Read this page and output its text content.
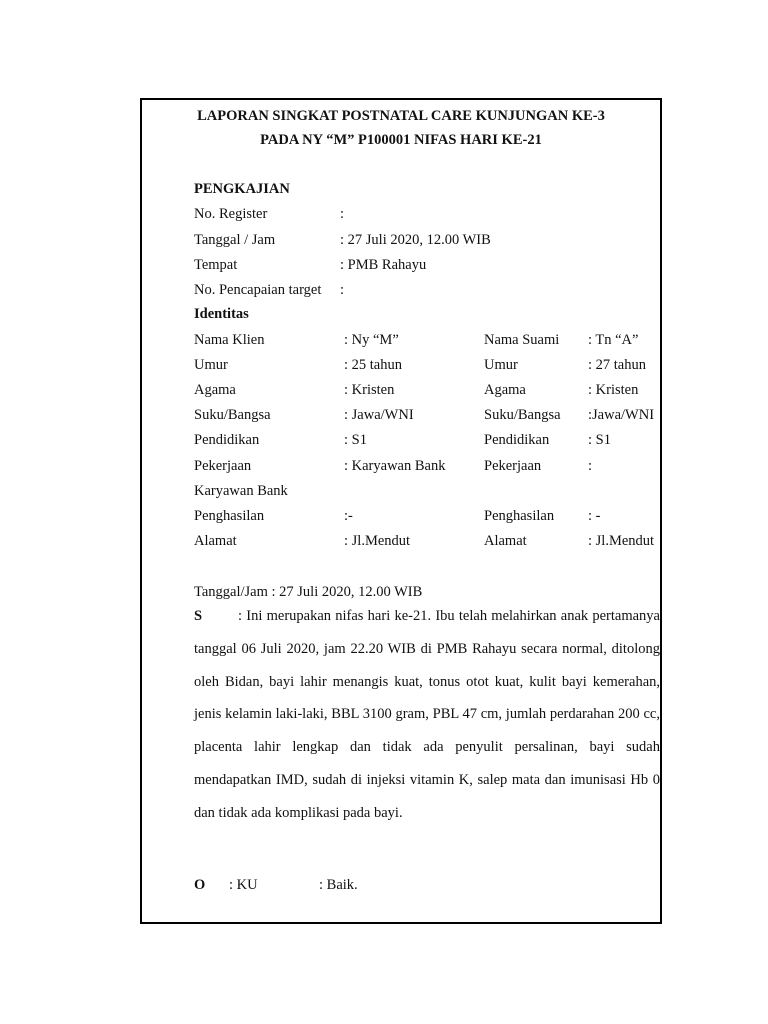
LAPORAN SINGKAT POSTNATAL CARE KUNJUNGAN KE-3
PADA NY “M” P100001 NIFAS HARI KE-21
PENGKAJIAN
No. Register	:
Tanggal / Jam	: 27 Juli 2020, 12.00 WIB
Tempat	: PMB Rahayu
No. Pencapaian target :
Identitas
Nama Klien	: Ny “M”	Nama Suami : Tn “A”
Umur	: 25 tahun	Umur	: 27 tahun
Agama	: Kristen	Agama	: Kristen
Suku/Bangsa	: Jawa/WNI	Suku/Bangsa :Jawa/WNI
Pendidikan	: S1	Pendidikan	: S1
Pekerjaan	: Karyawan Bank	Pekerjaan	:
Karyawan Bank
Penghasilan	:-	Penghasilan : -
Alamat	: Jl.Mendut	Alamat	: Jl.Mendut
Tanggal/Jam : 27 Juli 2020, 12.00 WIB
S : Ini merupakan nifas hari ke-21. Ibu telah melahirkan anak pertamanya tanggal 06 Juli 2020, jam 22.20 WIB di PMB Rahayu secara normal, ditolong oleh Bidan, bayi lahir menangis kuat, tonus otot kuat, kulit bayi kemerahan, jenis kelamin laki-laki, BBL 3100 gram, PBL 47 cm, jumlah perdarahan 200 cc, placenta lahir lengkap dan tidak ada penyulit persalinan, bayi sudah mendapatkan IMD, sudah di injeksi vitamin K, salep mata dan imunisasi Hb 0 dan tidak ada komplikasi pada bayi.
O : KU	: Baik.
